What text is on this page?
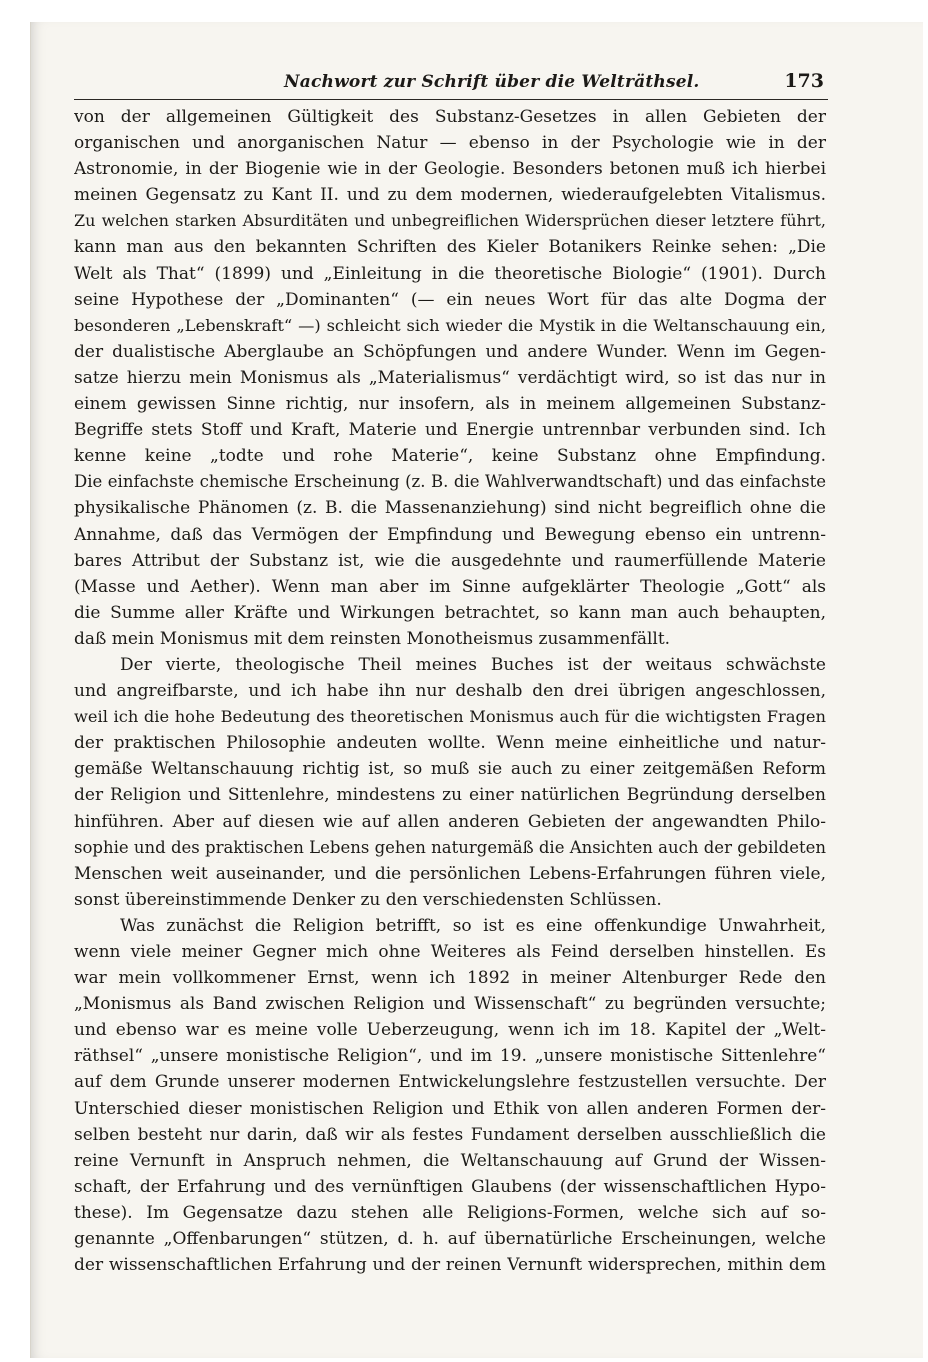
Nachwort zur Schrift über die Welträthsel.	173
von der allgemeinen Gültigkeit des Substanz-Gesetzes in allen Gebieten der
organischen und anorganischen Natur — ebenso in der Psychologie wie in der
Astronomie, in der Biogenie wie in der Geologie. Besonders betonen muß ich hierbei
meinen Gegensatz zu Kant II. und zu dem modernen, wiederaufgelebten Vitalismus.
Zu welchen starken Absurditäten und unbegreiflichen Widersprüchen dieser letztere führt,
kann man aus den bekannten Schriften des Kieler Botanikers Reinke sehen: „Die
Welt als That“ (1899) und „Einleitung in die theoretische Biologie“ (1901). Durch
seine Hypothese der „Dominanten“ (— ein neues Wort für das alte Dogma der
besonderen „Lebenskraft“ —) schleicht sich wieder die Mystik in die Weltanschauung ein,
der dualistische Aberglaube an Schöpfungen und andere Wunder. Wenn im Gegen-
satze hierzu mein Monismus als „Materialismus“ verdächtigt wird, so ist das nur in
einem gewissen Sinne richtig, nur insofern, als in meinem allgemeinen Substanz-
Begriffe stets Stoff und Kraft, Materie und Energie untrennbar verbunden sind. Ich
kenne keine „todte und rohe Materie“, keine Substanz ohne Empfindung.
Die einfachste chemische Erscheinung (z. B. die Wahlverwandtschaft) und das einfachste
physikalische Phänomen (z. B. die Massenanziehung) sind nicht begreiflich ohne die
Annahme, daß das Vermögen der Empfindung und Bewegung ebenso ein untrenn-
bares Attribut der Substanz ist, wie die ausgedehnte und raumerfüllende Materie
(Masse und Aether). Wenn man aber im Sinne aufgeklärter Theologie „Gott“ als
die Summe aller Kräfte und Wirkungen betrachtet, so kann man auch behaupten,
daß mein Monismus mit dem reinsten Monotheismus zusammenfällt.
Der vierte, theologische Theil meines Buches ist der weitaus schwächste
und angreifbarste, und ich habe ihn nur deshalb den drei übrigen angeschlossen,
weil ich die hohe Bedeutung des theoretischen Monismus auch für die wichtigsten Fragen
der praktischen Philosophie andeuten wollte. Wenn meine einheitliche und natur-
gemäße Weltanschauung richtig ist, so muß sie auch zu einer zeitgemäßen Reform
der Religion und Sittenlehre, mindestens zu einer natürlichen Begründung derselben
hinführen. Aber auf diesen wie auf allen anderen Gebieten der angewandten Philo-
sophie und des praktischen Lebens gehen naturgemäß die Ansichten auch der gebildeten
Menschen weit auseinander, und die persönlichen Lebens-Erfahrungen führen viele,
sonst übereinstimmende Denker zu den verschiedensten Schlüssen.
Was zunächst die Religion betrifft, so ist es eine offenkundige Unwahrheit,
wenn viele meiner Gegner mich ohne Weiteres als Feind derselben hinstellen. Es
war mein vollkommener Ernst, wenn ich 1892 in meiner Altenburger Rede den
„Monismus als Band zwischen Religion und Wissenschaft“ zu begründen versuchte;
und ebenso war es meine volle Ueberzeugung, wenn ich im 18. Kapitel der „Welt-
räthsel“ „unsere monistische Religion“, und im 19. „unsere monistische Sittenlehre“
auf dem Grunde unserer modernen Entwickelungslehre festzustellen versuchte. Der
Unterschied dieser monistischen Religion und Ethik von allen anderen Formen der-
selben besteht nur darin, daß wir als festes Fundament derselben ausschließlich die
reine Vernunft in Anspruch nehmen, die Weltanschauung auf Grund der Wissen-
schaft, der Erfahrung und des vernünftigen Glaubens (der wissenschaftlichen Hypo-
these). Im Gegensatze dazu stehen alle Religions-Formen, welche sich auf so-
genannte „Offenbarungen“ stützen, d. h. auf übernatürliche Erscheinungen, welche
der wissenschaftlichen Erfahrung und der reinen Vernunft widersprechen, mithin dem
